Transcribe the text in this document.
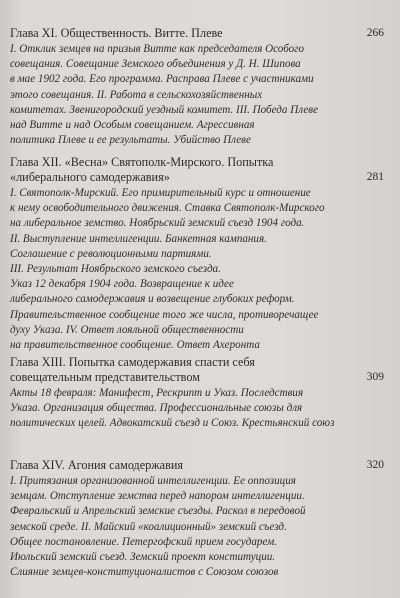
Глава XI. Общественность. Витте. Плеве	266
I. Отклик земцев на призыв Витте как председателя Особого
совещания. Совещание Земского объединения у Д. Н. Шипова
в мае 1902 года. Его программа. Расправа Плеве с участниками
этого совещания. II. Работа в сельскохозяйственных
комитетах. Звенигородский уездный комитет. III. Победа Плеве
над Витте и над Особым совещанием. Агрессивная
политика Плеве и ее результаты. Убийство Плеве
Глава XII. «Весна» Святополк-Мирского. Попытка
«либерального самодержавия»	281
I. Святополк-Мирский. Его примирительный курс и отношение
к нему освободительного движения. Ставка Святополк-Мирского
на либеральное земство. Ноябрьский земский съезд 1904 года.
II. Выступление интеллигенции. Банкетная кампания.
Соглашение с революционными партиями.
III. Результат Ноябрьского земского съезда.
Указ 12 декабря 1904 года. Возвращение к идее
либерального самодержавия и возвещение глубоких реформ.
Правительственное сообщение того же числа, противоречащее
духу Указа. IV. Ответ лояльной общественности
на правительственное сообщение. Ответ Ахеронта
Глава XIII. Попытка самодержавия спасти себя
совещательным представительством	309
Акты 18 февраля: Манифест, Рескрипт и Указ. Последствия
Указа. Организация общества. Профессиональные союзы для
политических целей. Адвокатский съезд и Союз. Крестьянский союз
Глава XIV. Агония самодержавия	320
I. Притязания организованной интеллигенции. Ее оппозиция
земцам. Отступление земства перед напором интеллигенции.
Февральский и Апрельский земские съезды. Раскол в передовой
земской среде. II. Майский «коалиционный» земский съезд.
Общее постановление. Петергофский прием государем.
Июльский земский съезд. Земский проект конституции.
Слияние земцев-конституционалистов с Союзом союзов
